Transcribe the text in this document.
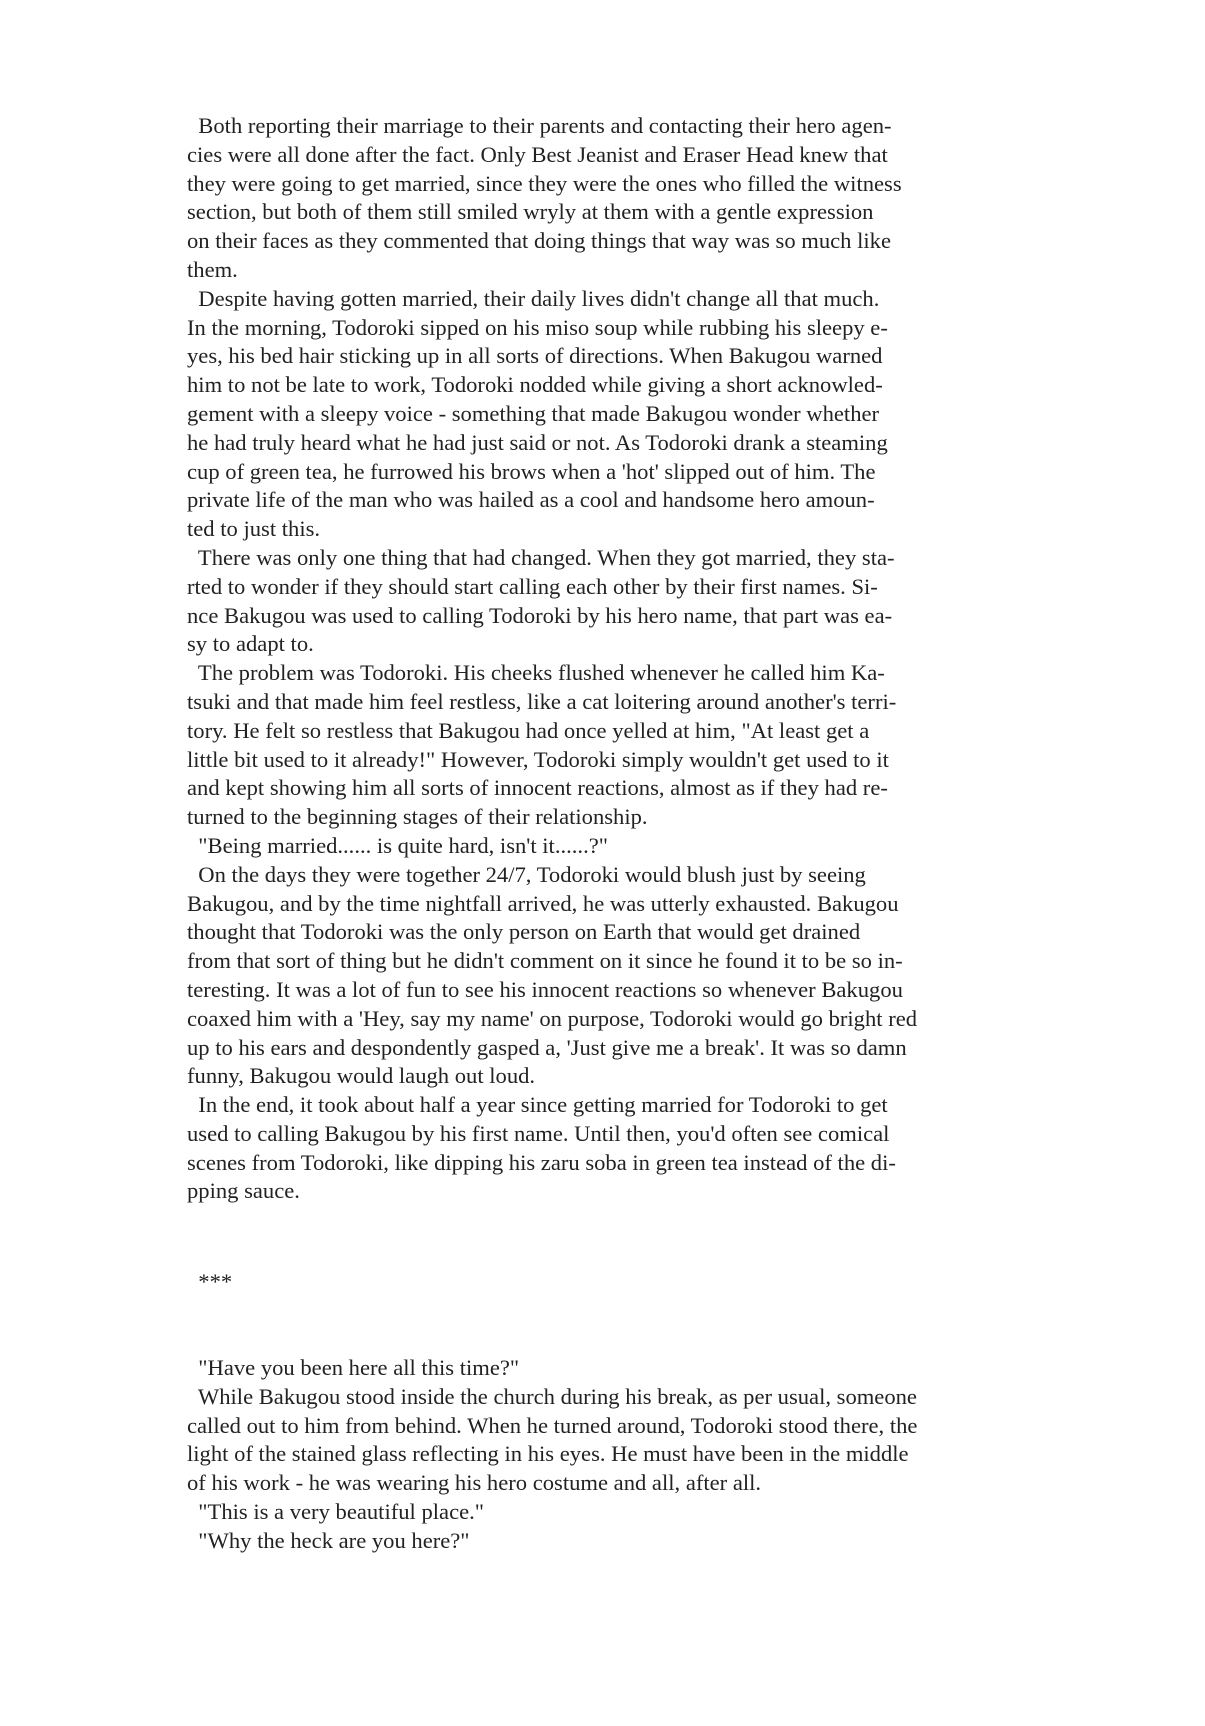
Both reporting their marriage to their parents and contacting their hero agen-
cies were all done after the fact. Only Best Jeanist and Eraser Head knew that
they were going to get married, since they were the ones who filled the witness
section, but both of them still smiled wryly at them with a gentle expression
on their faces as they commented that doing things that way was so much like
them.
Despite having gotten married, their daily lives didn't change all that much.
In the morning, Todoroki sipped on his miso soup while rubbing his sleepy e-
yes, his bed hair sticking up in all sorts of directions. When Bakugou warned
him to not be late to work, Todoroki nodded while giving a short acknowled-
gement with a sleepy voice - something that made Bakugou wonder whether
he had truly heard what he had just said or not. As Todoroki drank a steaming
cup of green tea, he furrowed his brows when a 'hot' slipped out of him. The
private life of the man who was hailed as a cool and handsome hero amoun-
ted to just this.
There was only one thing that had changed. When they got married, they sta-
rted to wonder if they should start calling each other by their first names. Si-
nce Bakugou was used to calling Todoroki by his hero name, that part was ea-
sy to adapt to.
The problem was Todoroki. His cheeks flushed whenever he called him Ka-
tsuki and that made him feel restless, like a cat loitering around another's terri-
tory. He felt so restless that Bakugou had once yelled at him, "At least get a
little bit used to it already!" However, Todoroki simply wouldn't get used to it
and kept showing him all sorts of innocent reactions, almost as if they had re-
turned to the beginning stages of their relationship.
"Being married...... is quite hard, isn't it......?"
On the days they were together 24/7, Todoroki would blush just by seeing
Bakugou, and by the time nightfall arrived, he was utterly exhausted. Bakugou
thought that Todoroki was the only person on Earth that would get drained
from that sort of thing but he didn't comment on it since he found it to be so in-
teresting. It was a lot of fun to see his innocent reactions so whenever Bakugou
coaxed him with a 'Hey, say my name' on purpose, Todoroki would go bright red
up to his ears and despondently gasped a, 'Just give me a break'. It was so damn
funny, Bakugou would laugh out loud.
In the end, it took about half a year since getting married for Todoroki to get
used to calling Bakugou by his first name. Until then, you'd often see comical
scenes from Todoroki, like dipping his zaru soba in green tea instead of the di-
pping sauce.
***
"Have you been here all this time?"
While Bakugou stood inside the church during his break, as per usual, someone
called out to him from behind. When he turned around, Todoroki stood there, the
light of the stained glass reflecting in his eyes. He must have been in the middle
of his work - he was wearing his hero costume and all, after all.
"This is a very beautiful place."
"Why the heck are you here?"
